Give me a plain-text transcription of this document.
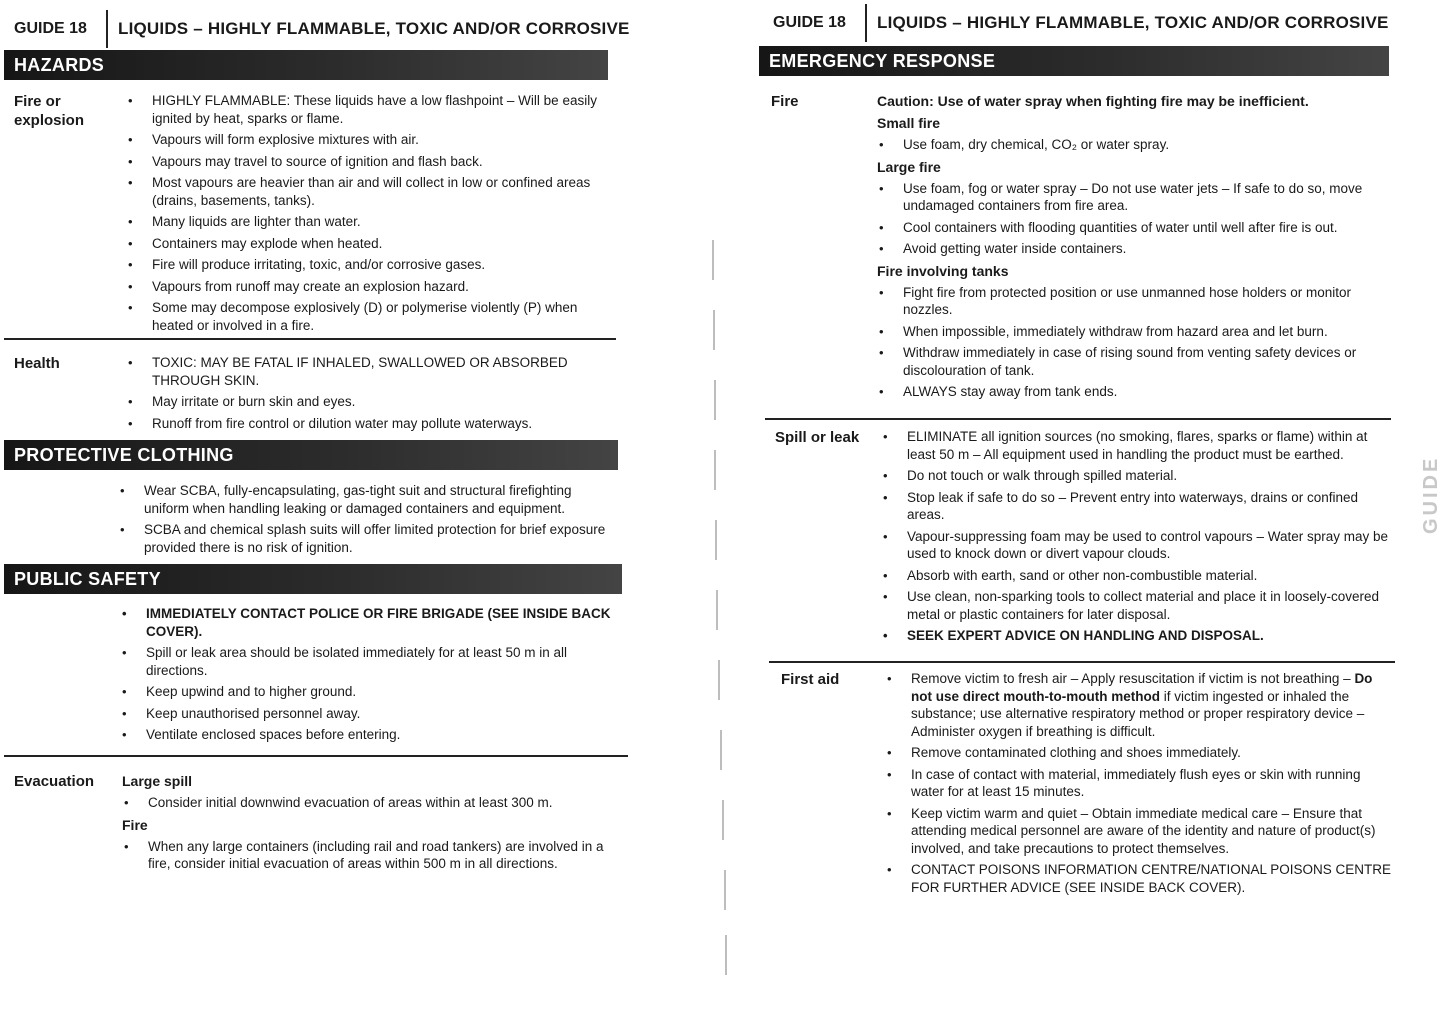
GUIDE 18	LIQUIDS – HIGHLY FLAMMABLE, TOXIC AND/OR CORROSIVE
HAZARDS
Fire or explosion
• HIGHLY FLAMMABLE: These liquids have a low flashpoint – Will be easily ignited by heat, sparks or flame.
• Vapours will form explosive mixtures with air.
• Vapours may travel to source of ignition and flash back.
• Most vapours are heavier than air and will collect in low or confined areas (drains, basements, tanks).
• Many liquids are lighter than water.
• Containers may explode when heated.
• Fire will produce irritating, toxic, and/or corrosive gases.
• Vapours from runoff may create an explosion hazard.
• Some may decompose explosively (D) or polymerise violently (P) when heated or involved in a fire.
Health	• TOXIC: MAY BE FATAL IF INHALED, SWALLOWED OR ABSORBED THROUGH SKIN.
• May irritate or burn skin and eyes.
• Runoff from fire control or dilution water may pollute waterways.
PROTECTIVE CLOTHING
• Wear SCBA, fully-encapsulating, gas-tight suit and structural firefighting uniform when handling leaking or damaged containers and equipment.
• SCBA and chemical splash suits will offer limited protection for brief exposure provided there is no risk of ignition.
PUBLIC SAFETY
• IMMEDIATELY CONTACT POLICE OR FIRE BRIGADE (SEE INSIDE BACK COVER).
• Spill or leak area should be isolated immediately for at least 50 m in all directions.
• Keep upwind and to higher ground.
• Keep unauthorised personnel away.
• Ventilate enclosed spaces before entering.
Evacuation	Large spill
• Consider initial downwind evacuation of areas within at least 300 m.
Fire
• When any large containers (including rail and road tankers) are involved in a fire, consider initial evacuation of areas within 500 m in all directions.
GUIDE 18	LIQUIDS – HIGHLY FLAMMABLE, TOXIC AND/OR CORROSIVE
EMERGENCY RESPONSE
Fire	Caution: Use of water spray when fighting fire may be inefficient.
Small fire
• Use foam, dry chemical, CO₂ or water spray.
Large fire
• Use foam, fog or water spray – Do not use water jets – If safe to do so, move undamaged containers from fire area.
• Cool containers with flooding quantities of water until well after fire is out.
• Avoid getting water inside containers.
Fire involving tanks
• Fight fire from protected position or use unmanned hose holders or monitor nozzles.
• When impossible, immediately withdraw from hazard area and let burn.
• Withdraw immediately in case of rising sound from venting safety devices or discolouration of tank.
• ALWAYS stay away from tank ends.
Spill or leak	• ELIMINATE all ignition sources (no smoking, flares, sparks or flame) within at least 50 m – All equipment used in handling the product must be earthed.
• Do not touch or walk through spilled material.
• Stop leak if safe to do so – Prevent entry into waterways, drains or confined areas.
• Vapour-suppressing foam may be used to control vapours – Water spray may be used to knock down or divert vapour clouds.
• Absorb with earth, sand or other non-combustible material.
• Use clean, non-sparking tools to collect material and place it in loosely-covered metal or plastic containers for later disposal.
• SEEK EXPERT ADVICE ON HANDLING AND DISPOSAL.
First aid	• Remove victim to fresh air – Apply resuscitation if victim is not breathing – Do not use direct mouth-to-mouth method if victim ingested or inhaled the substance; use alternative respiratory method or proper respiratory device – Administer oxygen if breathing is difficult.
• Remove contaminated clothing and shoes immediately.
• In case of contact with material, immediately flush eyes or skin with running water for at least 15 minutes.
• Keep victim warm and quiet – Obtain immediate medical care – Ensure that attending medical personnel are aware of the identity and nature of product(s) involved, and take precautions to protect themselves.
• CONTACT POISONS INFORMATION CENTRE/NATIONAL POISONS CENTRE FOR FURTHER ADVICE (SEE INSIDE BACK COVER).
GUIDE
